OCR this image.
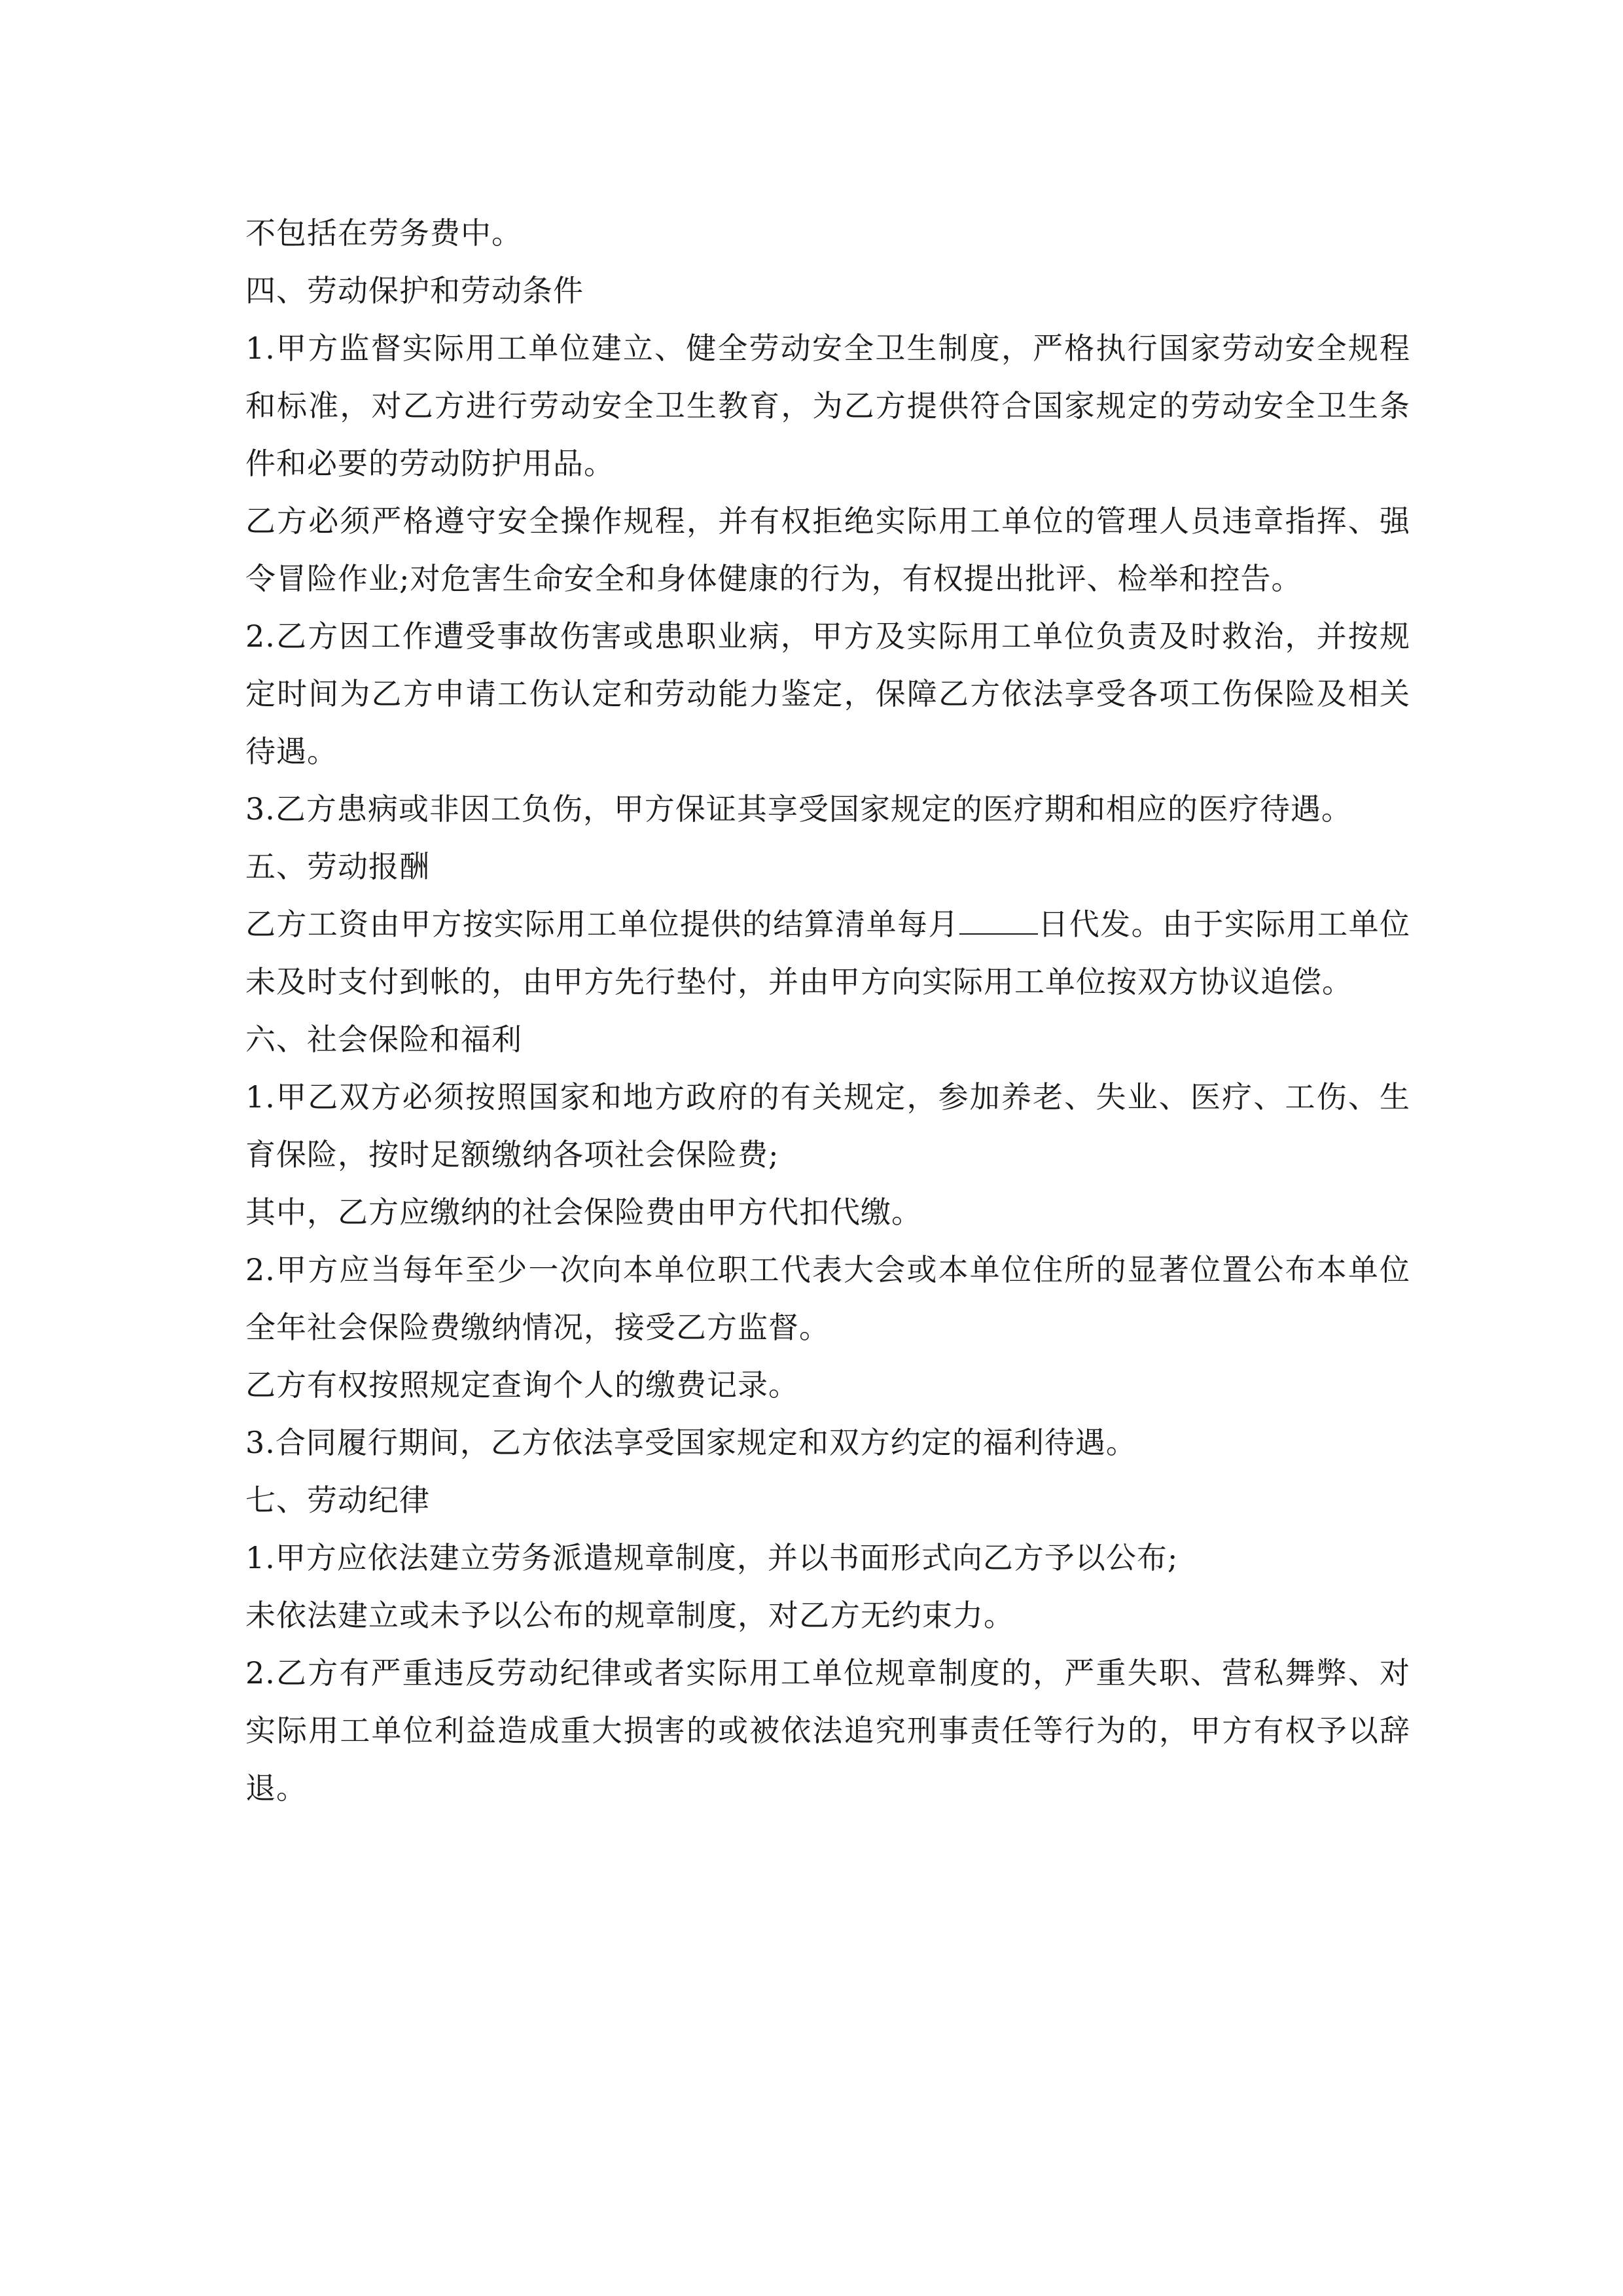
不包括在劳务费中。

四、劳动保护和劳动条件

1.甲方监督实际用工单位建立、健全劳动安全卫生制度，严格执行国家劳动安全规程和标准，对乙方进行劳动安全卫生教育，为乙方提供符合国家规定的劳动安全卫生条件和必要的劳动防护用品。

乙方必须严格遵守安全操作规程，并有权拒绝实际用工单位的管理人员违章指挥、强令冒险作业;对危害生命安全和身体健康的行为，有权提出批评、检举和控告。

2.乙方因工作遭受事故伤害或患职业病，甲方及实际用工单位负责及时救治，并按规定时间为乙方申请工伤认定和劳动能力鉴定，保障乙方依法享受各项工伤保险及相关待遇。

3.乙方患病或非因工负伤，甲方保证其享受国家规定的医疗期和相应的医疗待遇。

五、劳动报酬

乙方工资由甲方按实际用工单位提供的结算清单每月	日代发。由于实际用工单位未及时支付到帐的，由甲方先行垫付，并由甲方向实际用工单位按双方协议追偿。

六、社会保险和福利

1.甲乙双方必须按照国家和地方政府的有关规定，参加养老、失业、医疗、工伤、生育保险，按时足额缴纳各项社会保险费;

其中，乙方应缴纳的社会保险费由甲方代扣代缴。

2.甲方应当每年至少一次向本单位职工代表大会或本单位住所的显著位置公布本单位全年社会保险费缴纳情况，接受乙方监督。

乙方有权按照规定查询个人的缴费记录。

3.合同履行期间，乙方依法享受国家规定和双方约定的福利待遇。

七、劳动纪律

1.甲方应依法建立劳务派遣规章制度，并以书面形式向乙方予以公布;

未依法建立或未予以公布的规章制度，对乙方无约束力。

2.乙方有严重违反劳动纪律或者实际用工单位规章制度的，严重失职、营私舞弊、对实际用工单位利益造成重大损害的或被依法追究刑事责任等行为的，甲方有权予以辞退。
